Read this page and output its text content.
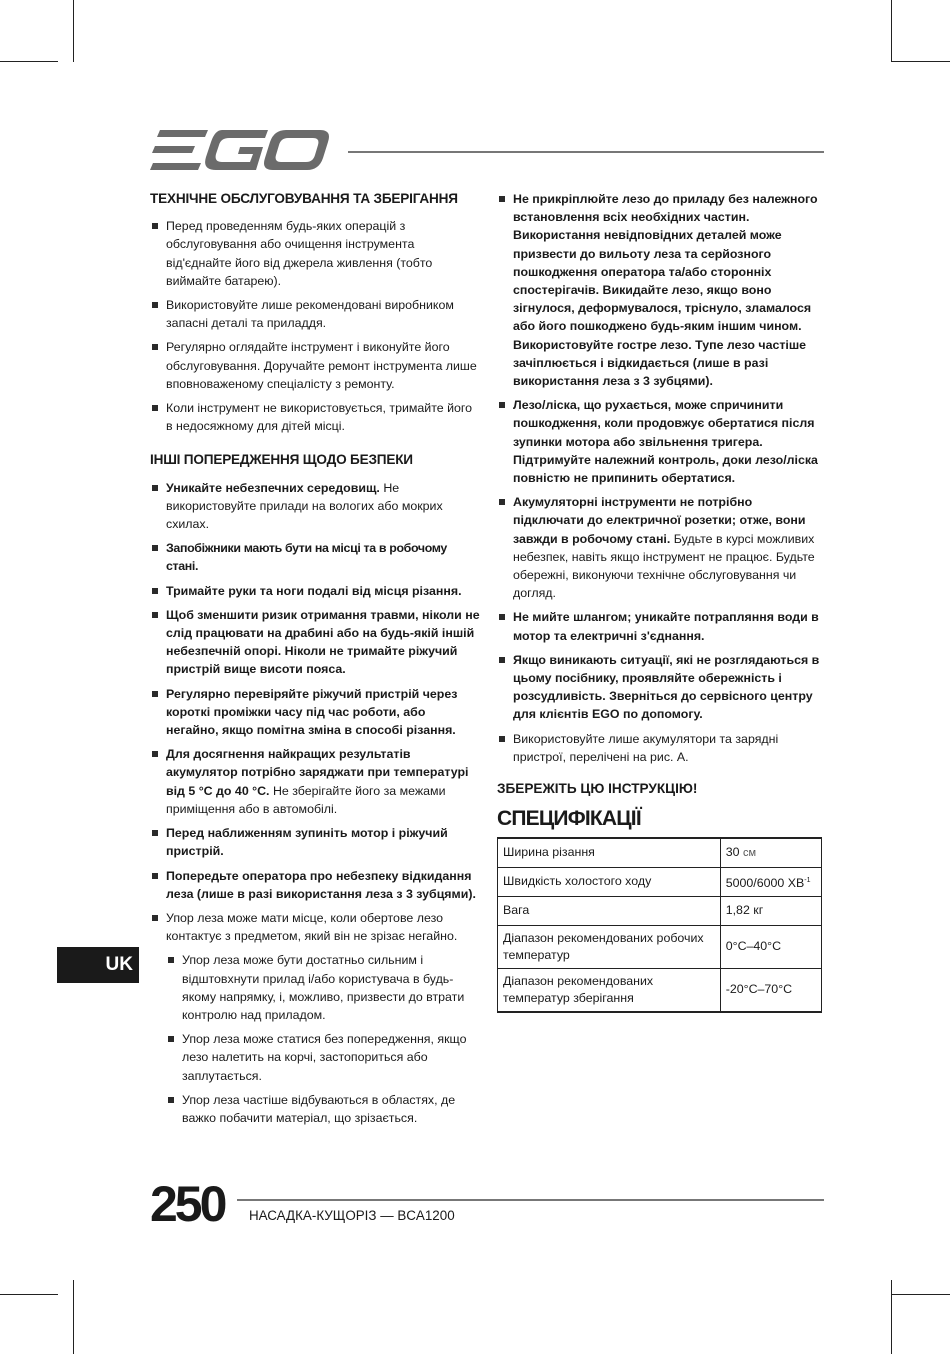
ТЕХНІЧНЕ ОБСЛУГОВУВАННЯ ТА ЗБЕРІГАННЯ
Перед проведенням будь-яких операцій з обслуговування або очищення інструмента від'єднайте його від джерела живлення (тобто виймайте батарею).
Використовуйте лише рекомендовані виробником запасні деталі та приладдя.
Регулярно оглядайте інструмент і виконуйте його обслуговування. Доручайте ремонт інструмента лише вповноваженому спеціалісту з ремонту.
Коли інструмент не використовується, тримайте його в недосяжному для дітей місці.
ІНШІ ПОПЕРЕДЖЕННЯ ЩОДО БЕЗПЕКИ
Уникайте небезпечних середовищ. Не використовуйте прилади на вологих або мокрих схилах.
Запобіжники мають бути на місці та в робочому стані.
Тримайте руки та ноги подалі від місця різання.
Щоб зменшити ризик отримання травми, ніколи не слід працювати на драбині або на будь-якій іншій небезпечній опорі. Ніколи не тримайте ріжучий пристрій вище висоти пояса.
Регулярно перевіряйте ріжучий пристрій через короткі проміжки часу під час роботи, або негайно, якщо помітна зміна в способі різання.
Для досягнення найкращих результатів акумулятор потрібно заряджати при температурі від 5 °C до 40 °C. Не зберігайте його за межами приміщення або в автомобілі.
Перед наближенням зупиніть мотор і ріжучий пристрій.
Попередьте оператора про небезпеку відкидання леза (лише в разі використання леза з 3 зубцями).
Упор леза може мати місце, коли обертове лезо контактує з предметом, який він не зрізає негайно.
Упор леза може бути достатньо сильним і відштовхнути прилад і/або користувача в будь-якому напрямку, і, можливо, призвести до втрати контролю над приладом.
Упор леза може статися без попередження, якщо лезо налетить на корчі, застопориться або заплутається.
Упор леза частіше відбуваються в областях, де важко побачити матеріал, що зрізається.
Не прикріплюйте лезо до приладу без належного встановлення всіх необхідних частин. Використання невідповідних деталей може призвести до вильоту леза та серйозного пошкодження оператора та/або сторонніх спостерігачів. Викидайте лезо, якщо воно зігнулося, деформувалося, тріснуло, зламалося або його пошкоджено будь-яким іншим чином. Використовуйте гостре лезо. Тупе лезо частіше зачіплюється і відкидається (лише в разі використання леза з 3 зубцями).
Лезо/ліска, що рухається, може спричинити пошкодження, коли продовжує обертатися після зупинки мотора або звільнення тригера. Підтримуйте належний контроль, доки лезо/ліска повністю не припинить обертатися.
Акумуляторні інструменти не потрібно підключати до електричної розетки; отже, вони завжди в робочому стані. Будьте в курсі можливих небезпек, навіть якщо інструмент не працює. Будьте обережні, виконуючи технічне обслуговування чи догляд.
Не мийте шлангом; уникайте потрапляння води в мотор та електричні з'єднання.
Якщо виникають ситуації, які не розглядаються в цьому посібнику, проявляйте обережність і розсудливість. Зверніться до сервісного центру для клієнтів EGO по допомогу.
Використовуйте лише акумулятори та зарядні пристрої, перелічені на рис. A.
ЗБЕРЕЖІТЬ ЦЮ ІНСТРУКЦІЮ!
СПЕЦИФІКАЦІЇ
Ширина різання	30 см
Швидкість холостого ходу	5000/6000 $ХВ^{-1}$
Вага	1,82 кг
Діапазон рекомендованих робочих температур	0°C–40°C
Діапазон рекомендованих температур зберігання	-20°C–70°C
UK
250 НАСАДКА-КУЩОРІЗ — BCA1200
